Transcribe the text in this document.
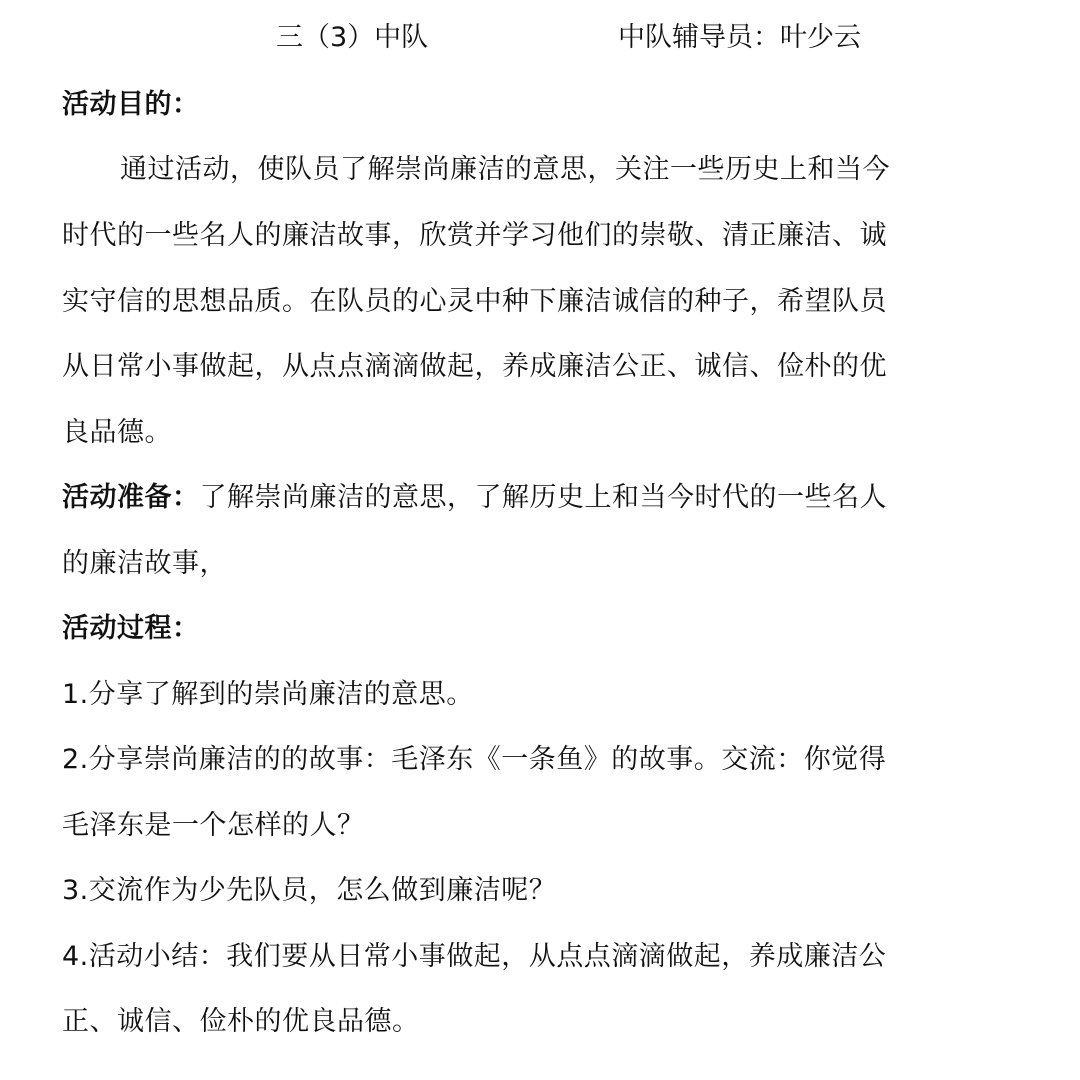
三（3）中队	中队辅导员：叶少云
活动目的：
通过活动，使队员了解崇尚廉洁的意思，关注一些历史上和当今
时代的一些名人的廉洁故事，欣赏并学习他们的崇敬、清正廉洁、诚
实守信的思想品质。在队员的心灵中种下廉洁诚信的种子，希望队员
从日常小事做起，从点点滴滴做起，养成廉洁公正、诚信、俭朴的优
良品德。
活动准备：了解崇尚廉洁的意思，了解历史上和当今时代的一些名人
的廉洁故事，
活动过程：
1.分享了解到的崇尚廉洁的意思。
2.分享崇尚廉洁的的故事：毛泽东《一条鱼》的故事。交流：你觉得
毛泽东是一个怎样的人？
3.交流作为少先队员，怎么做到廉洁呢？
4.活动小结：我们要从日常小事做起，从点点滴滴做起，养成廉洁公
正、诚信、俭朴的优良品德。
